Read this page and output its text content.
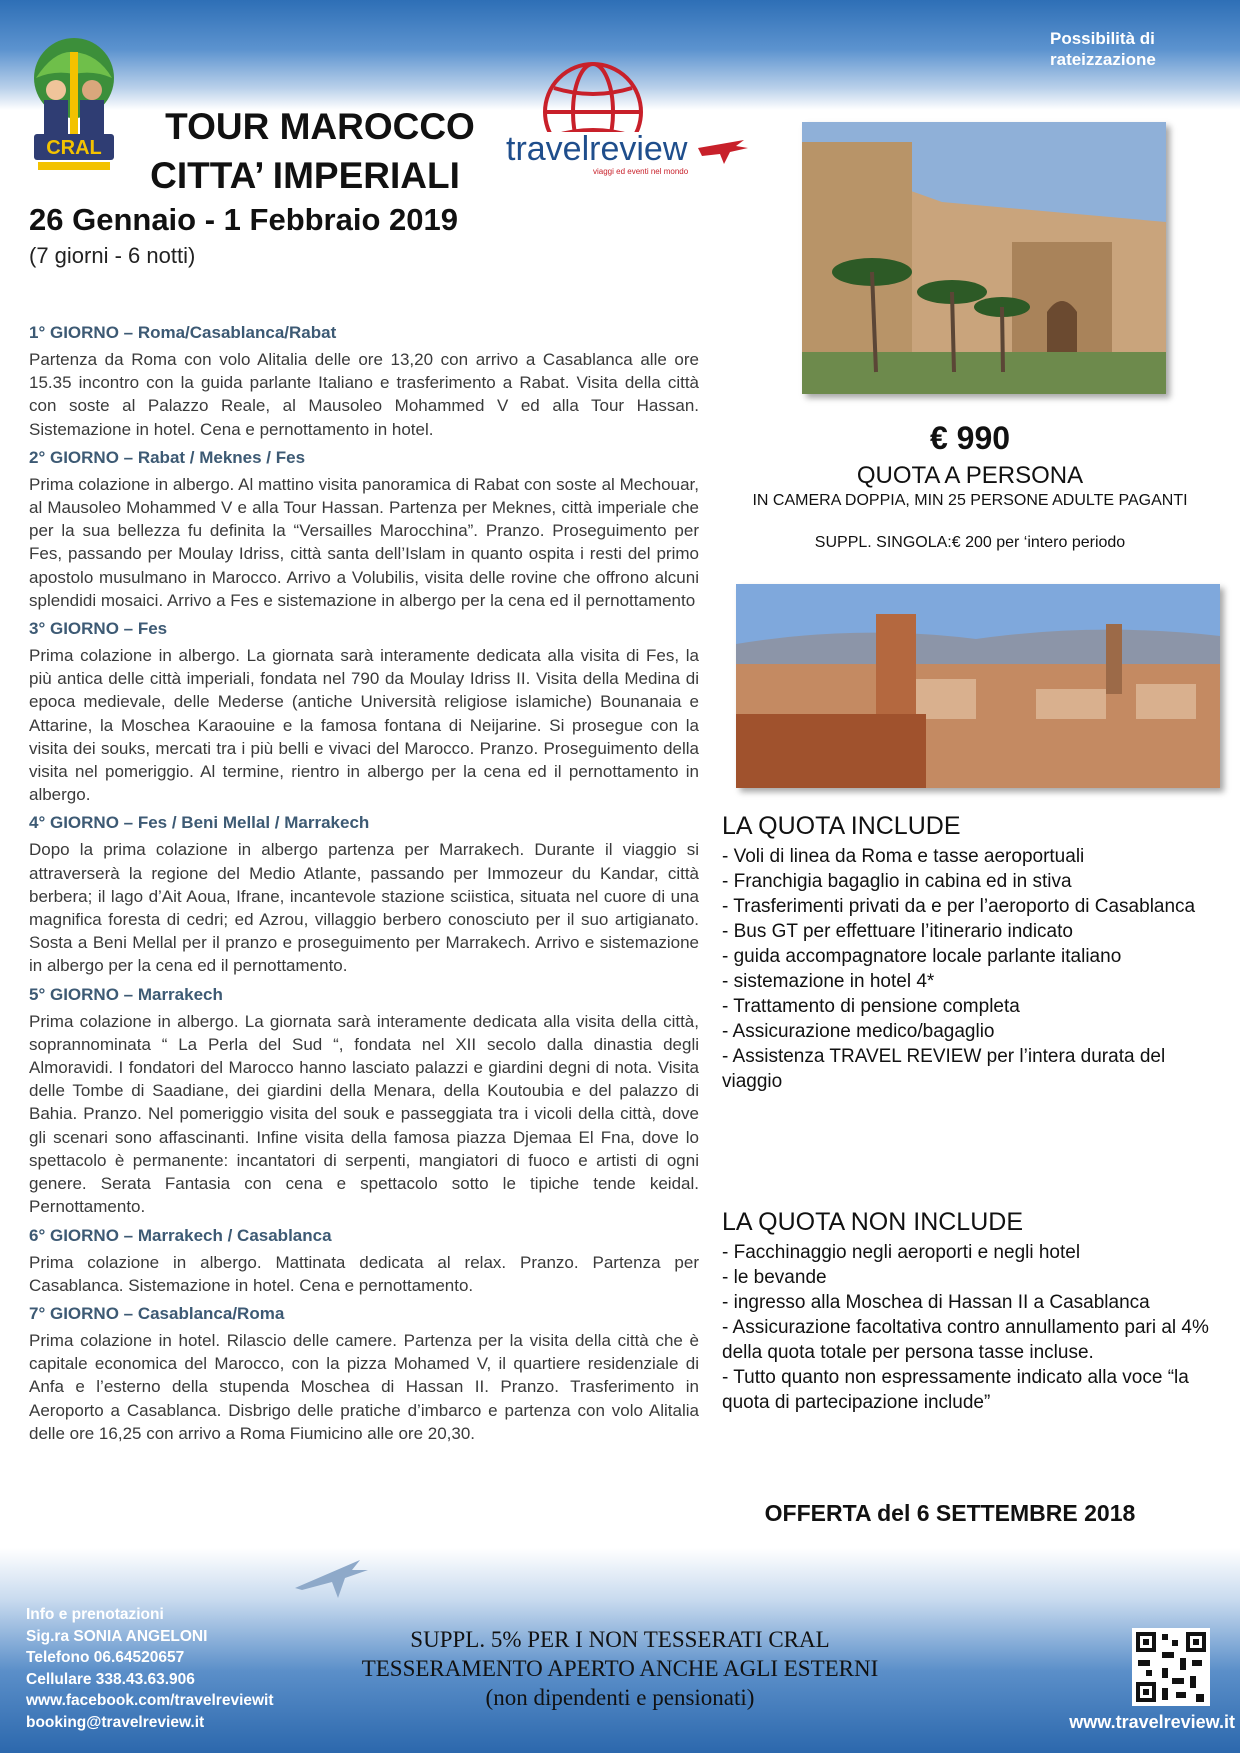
Possibilità di
rateizzazione
CRAL	travelreview
viaggi ed eventi nel mondo
TOUR MAROCCO
CITTA’ IMPERIALI
26 Gennaio - 1 Febbraio 2019
(7 giorni - 6 notti)
1° GIORNO – Roma/Casablanca/Rabat
Partenza da Roma con volo Alitalia delle ore 13,20 con arrivo a Casablanca alle ore 15.35 incontro con la guida parlante Italiano e trasferimento a Rabat. Visita della città con soste al Palazzo Reale, al Mausoleo Mohammed V ed alla Tour Hassan. Sistemazione in hotel. Cena e pernottamento in hotel.
2° GIORNO – Rabat / Meknes / Fes
Prima colazione in albergo. Al mattino visita panoramica di Rabat con soste al Mechouar, al Mausoleo Mohammed V e alla Tour Hassan. Partenza per Meknes, città imperiale che per la sua bellezza fu definita la “Versailles Marocchina”. Pranzo. Proseguimento per Fes, passando per Moulay Idriss, città santa dell’Islam in quanto ospita i resti del primo apostolo musulmano in Marocco. Arrivo a Volubilis, visita delle rovine che offrono alcuni splendidi mosaici. Arrivo a Fes e sistemazione in albergo per la cena ed il pernottamento
3° GIORNO – Fes
Prima colazione in albergo. La giornata sarà interamente dedicata alla visita di Fes, la più antica delle città imperiali, fondata nel 790 da Moulay Idriss II. Visita della Medina di epoca medievale, delle Mederse (antiche Università religiose islamiche) Bounanaia e Attarine, la Moschea Karaouine e la famosa fontana di Neijarine. Si prosegue con la visita dei souks, mercati tra i più belli e vivaci del Marocco. Pranzo. Proseguimento della visita nel pomeriggio. Al termine, rientro in albergo per la cena ed il pernottamento in albergo.
4° GIORNO – Fes / Beni Mellal / Marrakech
Dopo la prima colazione in albergo partenza per Marrakech. Durante il viaggio si attraverserà la regione del Medio Atlante, passando per Immozeur du Kandar, città berbera; il lago d’Ait Aoua, Ifrane, incantevole stazione sciistica, situata nel cuore di una magnifica foresta di cedri; ed Azrou, villaggio berbero conosciuto per il suo artigianato. Sosta a Beni Mellal per il pranzo e proseguimento per Marrakech. Arrivo e sistemazione in albergo per la cena ed il pernottamento.
5° GIORNO – Marrakech
Prima colazione in albergo. La giornata sarà interamente dedicata alla visita della città, soprannominata “ La Perla del Sud “, fondata nel XII secolo dalla dinastia degli Almoravidi. I fondatori del Marocco hanno lasciato palazzi e giardini degni di nota. Visita delle Tombe di Saadiane, dei giardini della Menara, della Koutoubia e del palazzo di Bahia. Pranzo. Nel pomeriggio visita del souk e passeggiata tra i vicoli della città, dove gli scenari sono affascinanti. Infine visita della famosa piazza Djemaa El Fna, dove lo spettacolo è permanente: incantatori di serpenti, mangiatori di fuoco e artisti di ogni genere. Serata Fantasia con cena e spettacolo sotto le tipiche tende keidal. Pernottamento.
6° GIORNO – Marrakech / Casablanca
Prima colazione in albergo. Mattinata dedicata al relax. Pranzo. Partenza per Casablanca. Sistemazione in hotel. Cena e pernottamento.
7° GIORNO – Casablanca/Roma
Prima colazione in hotel. Rilascio delle camere. Partenza per la visita della città che è capitale economica del Marocco, con la pizza Mohamed V, il quartiere residenziale di Anfa e l’esterno della stupenda Moschea di Hassan II. Pranzo. Trasferimento in Aeroporto a Casablanca. Disbrigo delle pratiche d’imbarco e partenza con volo Alitalia delle ore 16,25 con arrivo a Roma Fiumicino alle ore 20,30.
€ 990
QUOTA A PERSONA
IN CAMERA DOPPIA, MIN 25 PERSONE ADULTE PAGANTI
SUPPL. SINGOLA:€ 200 per ‘intero periodo
LA QUOTA INCLUDE
- Voli di linea da Roma e tasse aeroportuali
- Franchigia bagaglio in cabina ed in stiva
- Trasferimenti privati da e per l’aeroporto di Casablanca
- Bus GT per effettuare l’itinerario indicato
- guida accompagnatore locale parlante italiano
- sistemazione in hotel 4*
- Trattamento di pensione completa
- Assicurazione medico/bagaglio
- Assistenza TRAVEL REVIEW per l’intera durata del viaggio
LA QUOTA NON INCLUDE
- Facchinaggio negli aeroporti e negli hotel
- le bevande
- ingresso alla Moschea di Hassan II a Casablanca
- Assicurazione facoltativa contro annullamento pari al 4% della quota totale per persona tasse incluse.
- Tutto quanto non espressamente indicato alla voce “la quota di partecipazione include”
OFFERTA del 6 SETTEMBRE 2018
Info e prenotazioni
Sig.ra SONIA ANGELONI
Telefono 06.64520657
Cellulare 338.43.63.906
www.facebook.com/travelreviewit
booking@travelreview.it
SUPPL. 5% PER I NON TESSERATI CRAL
TESSERAMENTO APERTO ANCHE AGLI ESTERNI
(non dipendenti e pensionati)
www.travelreview.it
